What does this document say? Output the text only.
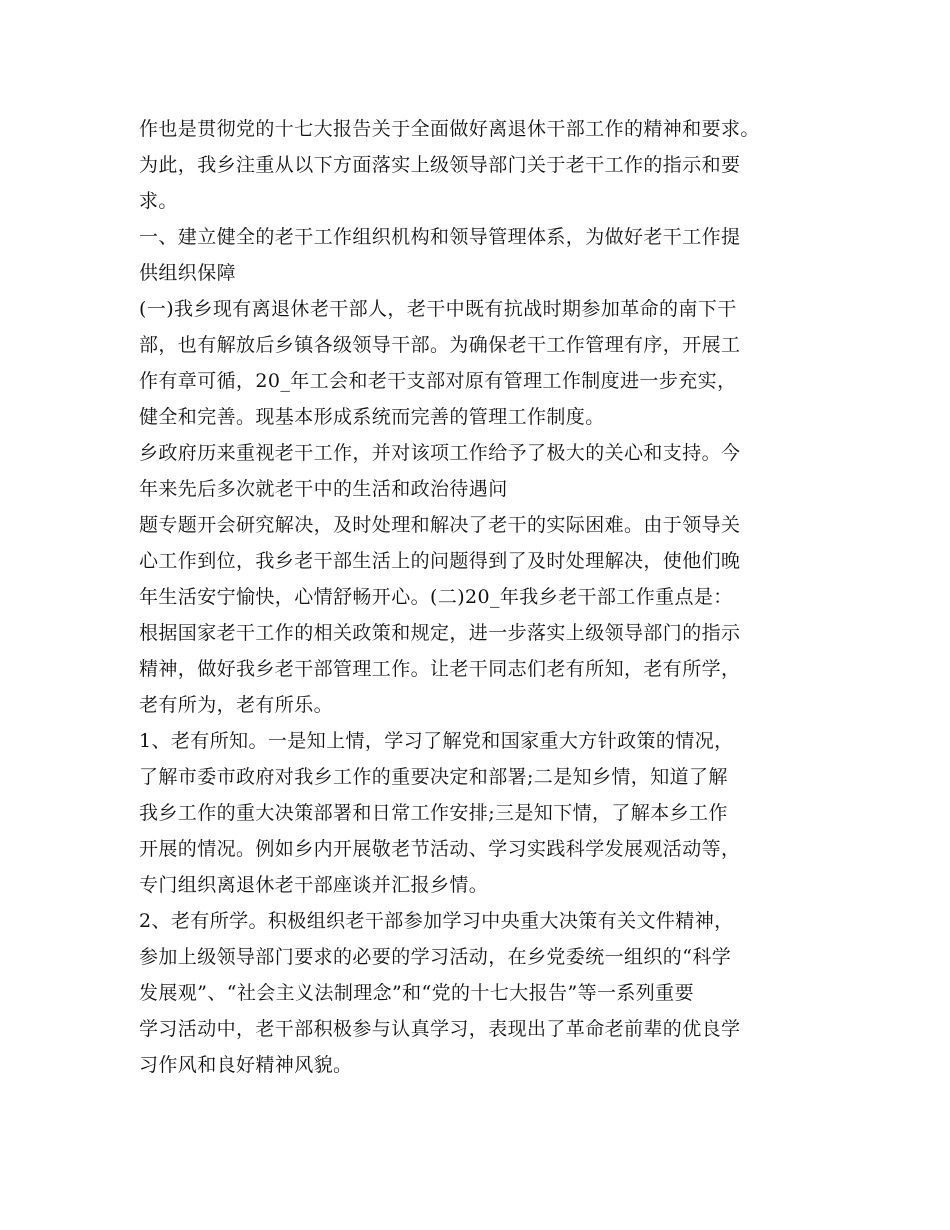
作也是贯彻党的十七大报告关于全面做好离退休干部工作的精神和要求。
为此，我乡注重从以下方面落实上级领导部门关于老干工作的指示和要
求。
一、建立健全的老干工作组织机构和领导管理体系，为做好老干工作提
供组织保障
(一)我乡现有离退休老干部人，老干中既有抗战时期参加革命的南下干
部，也有解放后乡镇各级领导干部。为确保老干工作管理有序，开展工
作有章可循，20_年工会和老干支部对原有管理工作制度进一步充实，
健全和完善。现基本形成系统而完善的管理工作制度。
乡政府历来重视老干工作，并对该项工作给予了极大的关心和支持。今
年来先后多次就老干中的生活和政治待遇问
题专题开会研究解决，及时处理和解决了老干的实际困难。由于领导关
心工作到位，我乡老干部生活上的问题得到了及时处理解决，使他们晚
年生活安宁愉快，心情舒畅开心。(二)20_年我乡老干部工作重点是：
根据国家老干工作的相关政策和规定，进一步落实上级领导部门的指示
精神，做好我乡老干部管理工作。让老干同志们老有所知，老有所学，
老有所为，老有所乐。
1、老有所知。一是知上情，学习了解党和国家重大方针政策的情况，
了解市委市政府对我乡工作的重要决定和部署;二是知乡情，知道了解
我乡工作的重大决策部署和日常工作安排;三是知下情，了解本乡工作
开展的情况。例如乡内开展敬老节活动、学习实践科学发展观活动等，
专门组织离退休老干部座谈并汇报乡情。
2、老有所学。积极组织老干部参加学习中央重大决策有关文件精神，
参加上级领导部门要求的必要的学习活动，在乡党委统一组织的“科学
发展观”、“社会主义法制理念”和“党的十七大报告”等一系列重要
学习活动中，老干部积极参与认真学习，表现出了革命老前辈的优良学
习作风和良好精神风貌。
